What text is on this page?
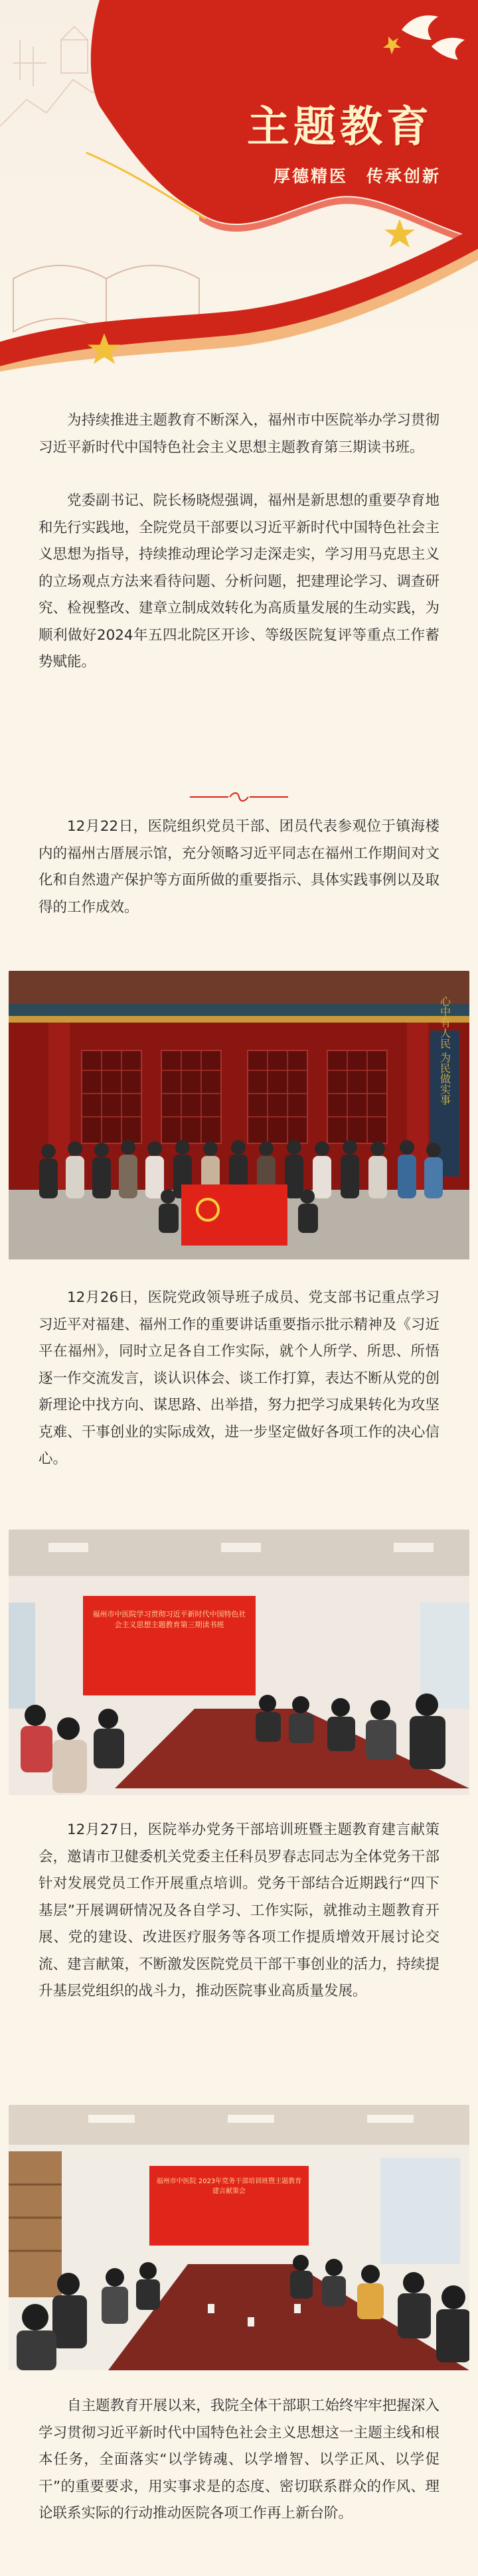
主题教育
厚德精医　传承创新

为持续推进主题教育不断深入，福州市中医院举办学习贯彻习近平新时代中国特色社会主义思想主题教育第三期读书班。

党委副书记、院长杨晓煜强调，福州是新思想的重要孕育地和先行实践地，全院党员干部要以习近平新时代中国特色社会主义思想为指导，持续推动理论学习走深走实，学习用马克思主义的立场观点方法来看待问题、分析问题，把建理论学习、调查研究、检视整改、建章立制成效转化为高质量发展的生动实践，为顺利做好2024年五四北院区开诊、等级医院复评等重点工作蓄势赋能。

12月22日，医院组织党员干部、团员代表参观位于镇海楼内的福州古厝展示馆，充分领略习近平同志在福州工作期间对文化和自然遗产保护等方面所做的重要指示、具体实践事例以及取得的工作成效。

心中有人民 为民做实事

12月26日，医院党政领导班子成员、党支部书记重点学习习近平对福建、福州工作的重要讲话重要指示批示精神及《习近平在福州》，同时立足各自工作实际，就个人所学、所思、所悟逐一作交流发言，谈认识体会、谈工作打算，表达不断从党的创新理论中找方向、谋思路、出举措，努力把学习成果转化为攻坚克难、干事创业的实际成效，进一步坚定做好各项工作的决心信心。

福州市中医院学习贯彻习近平新时代中国特色社会主义思想主题教育第三期读书班

12月27日，医院举办党务干部培训班暨主题教育建言献策会，邀请市卫健委机关党委主任科员罗春志同志为全体党务干部针对发展党员工作开展重点培训。党务干部结合近期践行“四下基层”开展调研情况及各自学习、工作实际，就推动主题教育开展、党的建设、改进医疗服务等各项工作提质增效开展讨论交流、建言献策，不断激发医院党员干部干事创业的活力，持续提升基层党组织的战斗力，推动医院事业高质量发展。

福州市中医院 2023年党务干部培训班暨主题教育建言献策会

自主题教育开展以来，我院全体干部职工始终牢牢把握深入学习贯彻习近平新时代中国特色社会主义思想这一主题主线和根本任务，全面落实“以学铸魂、以学增智、以学正风、以学促干”的重要要求，用实事求是的态度、密切联系群众的作风、理论联系实际的行动推动医院各项工作再上新台阶。
